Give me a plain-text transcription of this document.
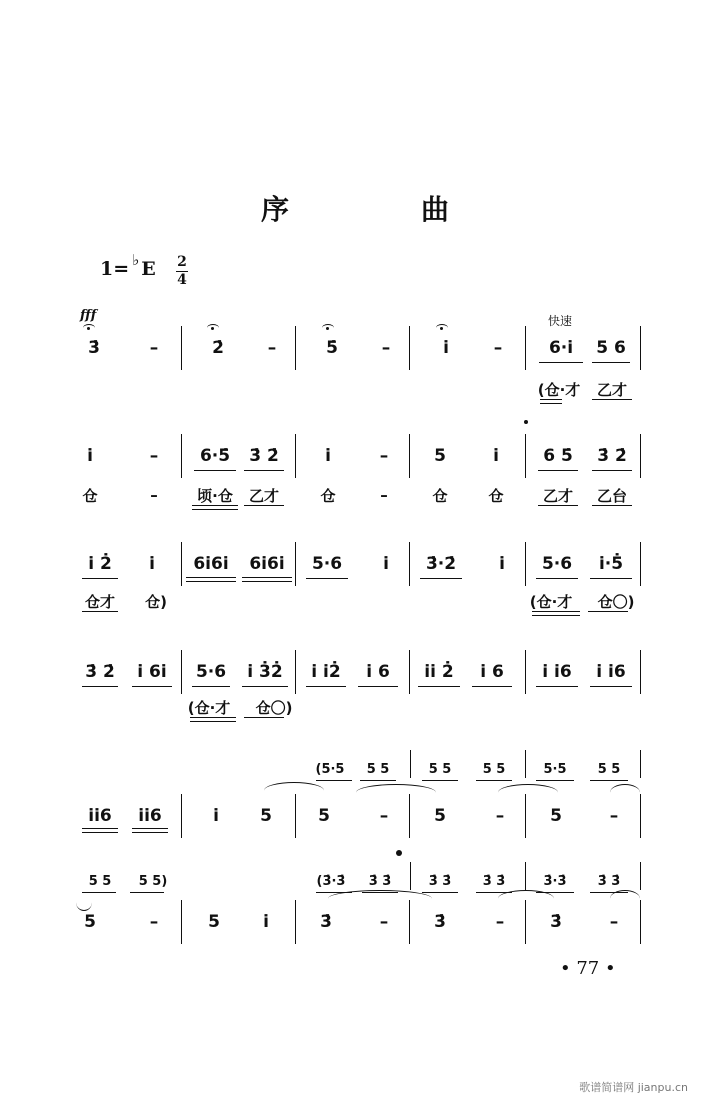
序　曲
1= ♭ E 2
4
fff	快速
3̇	–	2̇	–	5̇	–	i̇	–	6·i̇	5 6
(仓·才	乙才
i̇	–	6·5̇	3̇ 2̇	i̇	–	5	i̇	6 5̇	3̇ 2̇
仓	–	顷·仓	乙才	仓	–	仓	仓	乙才	乙台
i̇ 2̇	i̇	6i̇6i̇	6i̇6i̇	5·6	i̇	3̇·2̇	i̇	5·6	i̇·5̇
仓才	仓)	(仓·才	仓〇)
3̇ 2̇	i̇ 6i̇	5·6	i̇ 3̇2̇	i̇ i̇2̇	i̇ 6	i̇i̇ 2̇	i̇ 6	i̇ i̇6	i̇ i̇6
(仓·才	仓〇)
(5·5	5 5	5 5	5 5	5·5	5 5
i̇i̇6	i̇i̇6	i̇	5	5	–	5	–	5	–
5 5	5 5)	(3̇·3̇	3̇ 3̇	3̇ 3̇	3̇ 3̇	3̇·3̇	3̇ 3̇
5	–	5	i̇	3̇	–	3̇	–	3̇	–
• 77 •
歌谱简谱网 jianpu.cn
